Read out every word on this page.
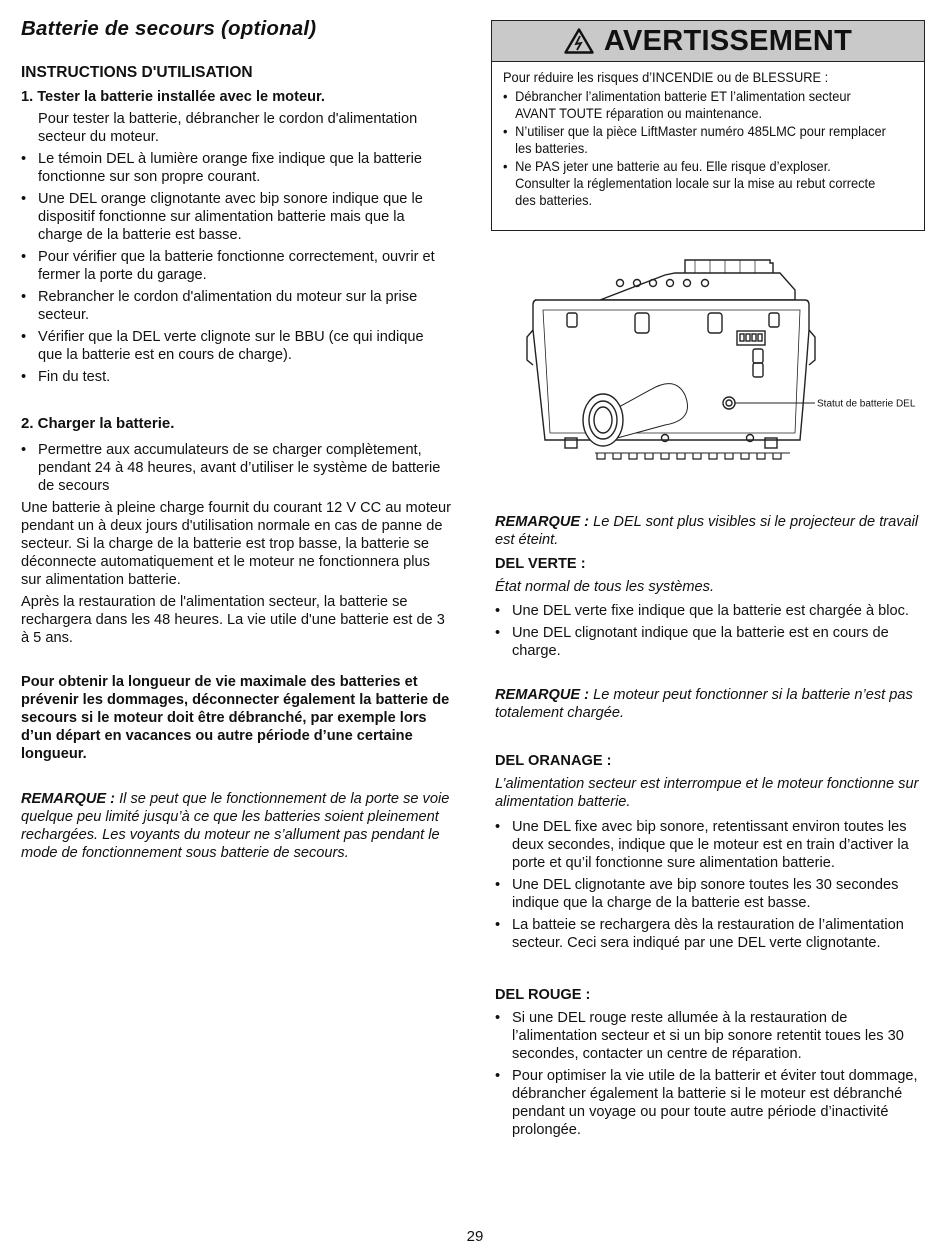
Batterie de secours (optional)
INSTRUCTIONS D'UTILISATION
1. Tester la batterie installée avec le moteur.
Pour tester la batterie, débrancher le cordon d'alimentation secteur du moteur.
• Le témoin DEL à lumière orange fixe indique que la batterie fonctionne sur son propre courant.
• Une DEL orange clignotante avec bip sonore indique que le dispositif fonctionne sur alimentation batterie mais que la charge de la batterie est basse.
• Pour vérifier que la batterie fonctionne correctement, ouvrir et fermer la porte du garage.
• Rebrancher le cordon d'alimentation du moteur sur la prise secteur.
• Vérifier que la DEL verte clignote sur le BBU (ce qui indique que la batterie est en cours de charge).
• Fin du test.
2. Charger la batterie.
• Permettre aux accumulateurs de se charger complètement, pendant 24 à 48 heures, avant d’utiliser le système de batterie de secours
Une batterie à pleine charge fournit du courant 12 V CC au moteur pendant un à deux jours d'utilisation normale en cas de panne de secteur. Si la charge de la batterie est trop basse, la batterie se déconnecte automatiquement et le moteur ne fonctionnera plus sur alimentation batterie.
Après la restauration de l'alimentation secteur, la batterie se rechargera dans les 48 heures. La vie utile d'une batterie est de 3 à 5 ans.
Pour obtenir la longueur de vie maximale des batteries et prévenir les dommages, déconnecter également la batterie de secours si le moteur doit être débranché, par exemple lors d’un départ en vacances ou autre période d’une certaine longueur.
REMARQUE : Il se peut que le fonctionnement de la porte se voie quelque peu limité jusqu’à ce que les batteries soient pleinement rechargées. Les voyants du moteur ne s’allument pas pendant le mode de fonctionnement sous batterie de secours.
AVERTISSEMENT

Pour réduire les risques d’INCENDIE ou de BLESSURE :

• Débrancher l’alimentation batterie ET l’alimentation secteur AVANT TOUTE réparation ou maintenance.
• N’utiliser que la pièce LiftMaster numéro 485LMC pour remplacer les batteries.
• Ne PAS jeter une batterie au feu. Elle risque d’exploser. Consulter la réglementation locale sur la mise au rebut correcte des batteries.
Statut de batterie DEL
REMARQUE : Le DEL sont plus visibles si le projecteur de travail est éteint.
DEL VERTE :
État normal de tous les systèmes.
• Une DEL verte fixe indique que la batterie est chargée à bloc.
• Une DEL clignotant indique que la batterie est en cours de charge.
REMARQUE : Le moteur peut fonctionner si la batterie n’est pas totalement chargée.
DEL ORANAGE :
L’alimentation secteur est interrompue et le moteur fonctionne sur alimentation batterie.
• Une DEL fixe avec bip sonore, retentissant environ toutes les deux secondes, indique que le moteur est en train d’activer la porte et qu’il fonctionne sure alimentation batterie.
• Une DEL clignotante ave bip sonore toutes les 30 secondes indique que la charge de la batterie est basse.
• La batteie se rechargera dès la restauration de l’alimentation secteur. Ceci sera indiqué par une DEL verte clignotante.
DEL ROUGE :
• Si une DEL rouge reste allumée à la restauration de l’alimentation secteur et si un bip sonore retentit toues les 30 secondes, contacter un centre de réparation.
• Pour optimiser la vie utile de la batterir et éviter tout dommage, débrancher également la batterie si le moteur est débranché pendant un voyage ou pour toute autre période d’inactivité prolongée.
29
